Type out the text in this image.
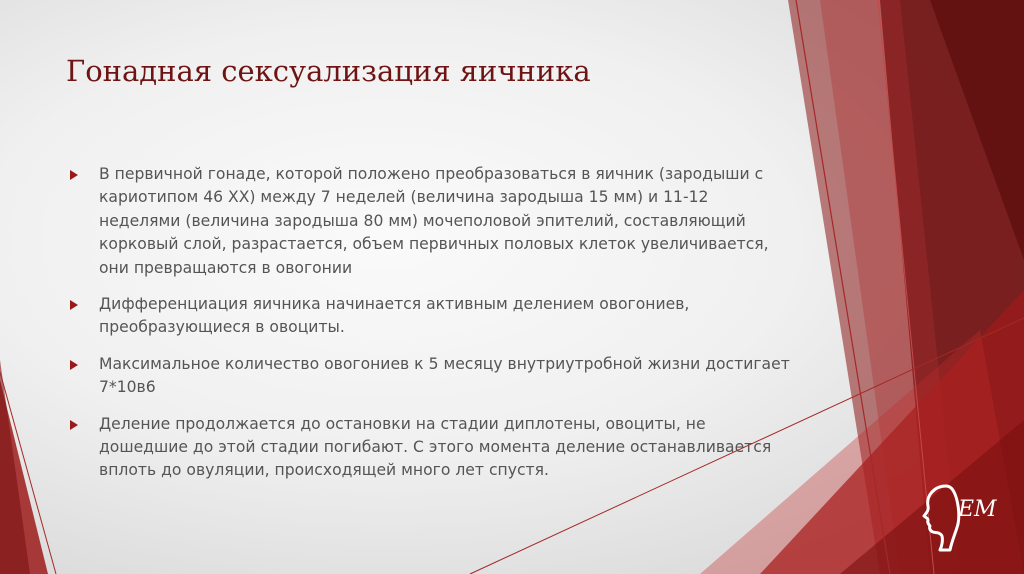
Гонадная сексуализация яичника
В первичной гонаде, которой положено преобразоваться в яичник (зародыши с кариотипом 46 XX) между 7 неделей (величина зародыша 15 мм) и 11-12 неделями (величина зародыша 80 мм) мочеполовой эпителий, составляющий корковый слой, разрастается, объем первичных половых клеток увеличивается, они превращаются в овогонии
Дифференциация яичника начинается активным делением овогониев, преобразующиеся в овоциты.
Максимальное количество овогониев к 5 месяцу внутриутробной жизни достигает 7*10в6
Деление продолжается до остановки на стадии диплотены, овоциты, не дошедшие до этой стадии погибают. С этого момента деление останавливается вплоть до овуляции, происходящей много лет спустя.
EM
